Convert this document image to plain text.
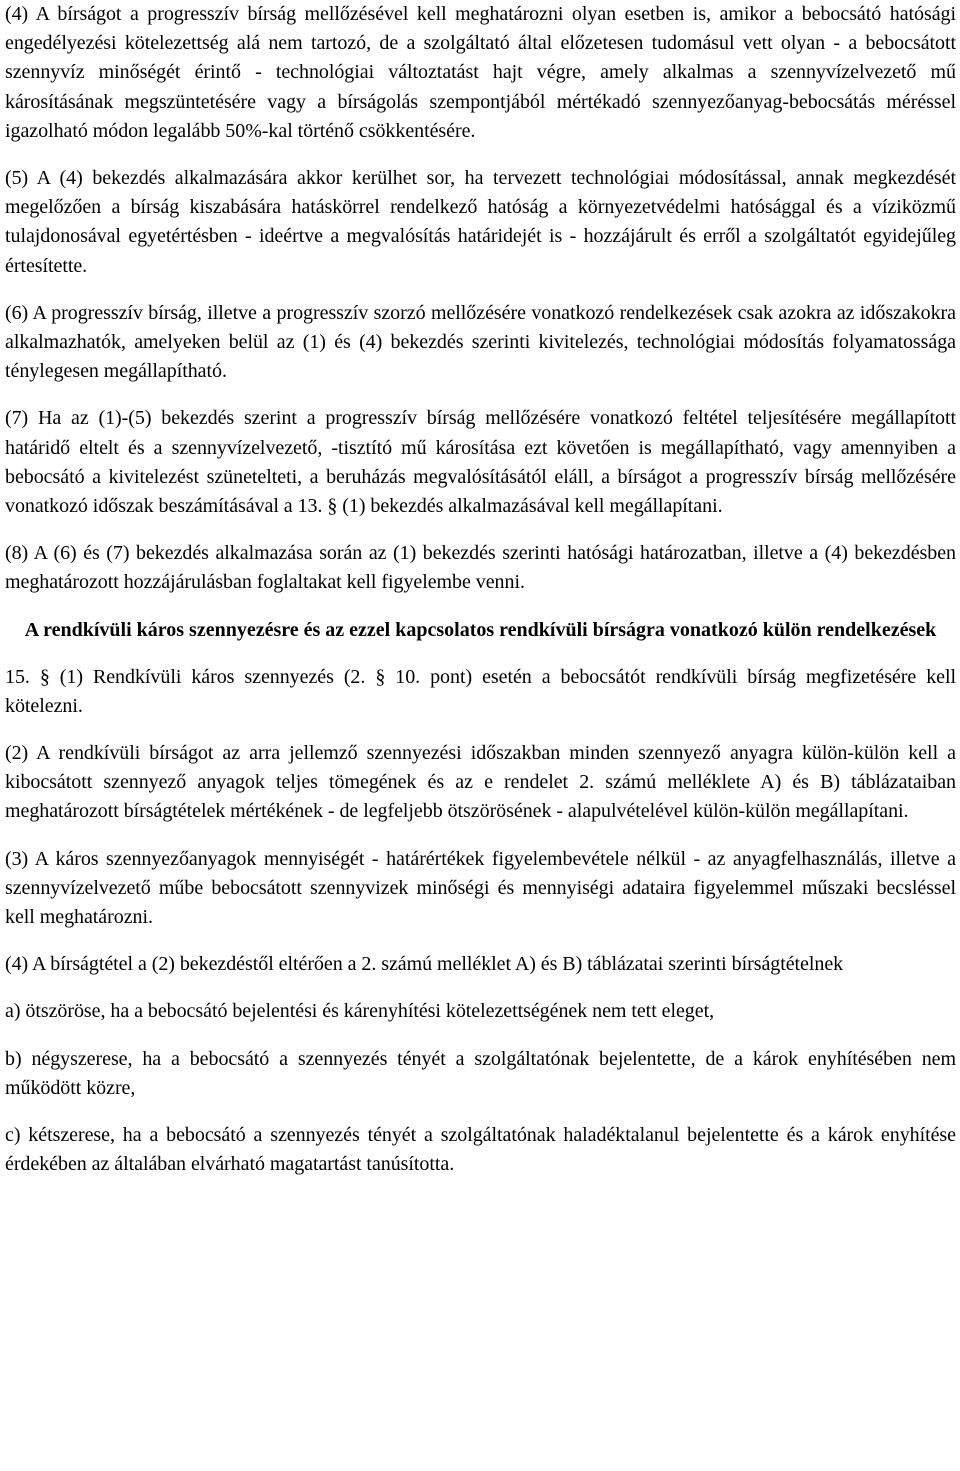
(4) A bírságot a progresszív bírság mellőzésével kell meghatározni olyan esetben is, amikor a bebocsátó hatósági engedélyezési kötelezettség alá nem tartozó, de a szolgáltató által előzetesen tudomásul vett olyan - a bebocsátott szennyvíz minőségét érintő - technológiai változtatást hajt végre, amely alkalmas a szennyvízelvezető mű károsításának megszüntetésére vagy a bírságolás szempontjából mértékadó szennyezőanyag-bebocsátás méréssel igazolható módon legalább 50%-kal történő csökkentésére.

(5) A (4) bekezdés alkalmazására akkor kerülhet sor, ha tervezett technológiai módosítással, annak megkezdését megelőzően a bírság kiszabására hatáskörrel rendelkező hatóság a környezetvédelmi hatósággal és a víziközmű tulajdonosával egyetértésben - ideértve a megvalósítás határidejét is - hozzájárult és erről a szolgáltatót egyidejűleg értesítette.

(6) A progresszív bírság, illetve a progresszív szorzó mellőzésére vonatkozó rendelkezések csak azokra az időszakokra alkalmazhatók, amelyeken belül az (1) és (4) bekezdés szerinti kivitelezés, technológiai módosítás folyamatossága ténylegesen megállapítható.

(7) Ha az (1)-(5) bekezdés szerint a progresszív bírság mellőzésére vonatkozó feltétel teljesítésére megállapított határidő eltelt és a szennyvízelvezető, -tisztító mű károsítása ezt követően is megállapítható, vagy amennyiben a bebocsátó a kivitelezést szünetelteti, a beruházás megvalósításától eláll, a bírságot a progresszív bírság mellőzésére vonatkozó időszak beszámításával a 13. § (1) bekezdés alkalmazásával kell megállapítani.

(8) A (6) és (7) bekezdés alkalmazása során az (1) bekezdés szerinti hatósági határozatban, illetve a (4) bekezdésben meghatározott hozzájárulásban foglaltakat kell figyelembe venni.

A rendkívüli káros szennyezésre és az ezzel kapcsolatos rendkívüli bírságra vonatkozó külön rendelkezések

15. § (1) Rendkívüli káros szennyezés (2. § 10. pont) esetén a bebocsátót rendkívüli bírság megfizetésére kell kötelezni.

(2) A rendkívüli bírságot az arra jellemző szennyezési időszakban minden szennyező anyagra külön-külön kell a kibocsátott szennyező anyagok teljes tömegének és az e rendelet 2. számú melléklete A) és B) táblázataiban meghatározott bírságtételek mértékének - de legfeljebb ötszörösének - alapulvételével külön-külön megállapítani.

(3) A káros szennyezőanyagok mennyiségét - határértékek figyelembevétele nélkül - az anyagfelhasználás, illetve a szennyvízelvezető műbe bebocsátott szennyvizek minőségi és mennyiségi adataira figyelemmel műszaki becsléssel kell meghatározni.

(4) A bírságtétel a (2) bekezdéstől eltérően a 2. számú melléklet A) és B) táblázatai szerinti bírságtételnek

a) ötszöröse, ha a bebocsátó bejelentési és kárenyhítési kötelezettségének nem tett eleget,

b) négyszerese, ha a bebocsátó a szennyezés tényét a szolgáltatónak bejelentette, de a károk enyhítésében nem működött közre,

c) kétszerese, ha a bebocsátó a szennyezés tényét a szolgáltatónak haladéktalanul bejelentette és a károk enyhítése érdekében az általában elvárható magatartást tanúsította.
